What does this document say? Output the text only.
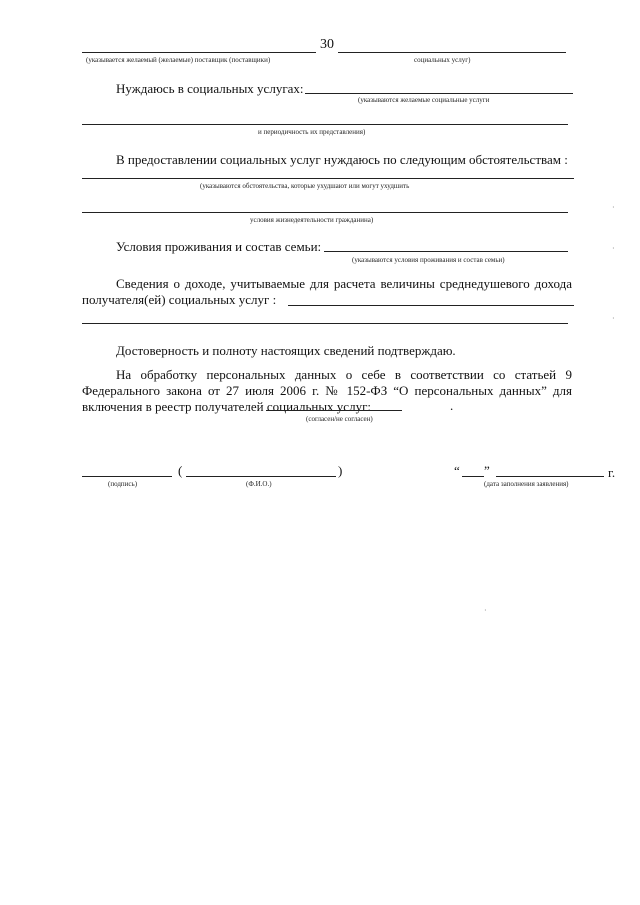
30
(указывается желаемый (желаемые) поставщик (поставщики)	социальных услуг)
Нуждаюсь в социальных услугах:
(указываются желаемые социальные услуги
и периодичность их представления)
В предоставлении социальных услуг нуждаюсь по следующим обстоятельствам :
(указываются обстоятельства, которые ухудшают или могут ухудшить
условия жизнедеятельности гражданина)
Условия проживания и состав семьи:
(указываются условия проживания и состав семьи)
Сведения о доходе, учитываемые для расчета величины среднедушевого дохода получателя(ей) социальных услуг :
Достоверность и полноту настоящих сведений подтверждаю.
На обработку персональных данных о себе в соответствии со статьей 9 Федерального закона от 27 июля 2006 г. № 152-ФЗ “О персональных данных” для включения в реестр получателей социальных услуг:	.
(согласен/не согласен)
(подпись)
(	)
(Ф.И.О.)
“ ”	г.
(дата заполнения заявления)
·
·
·
·
